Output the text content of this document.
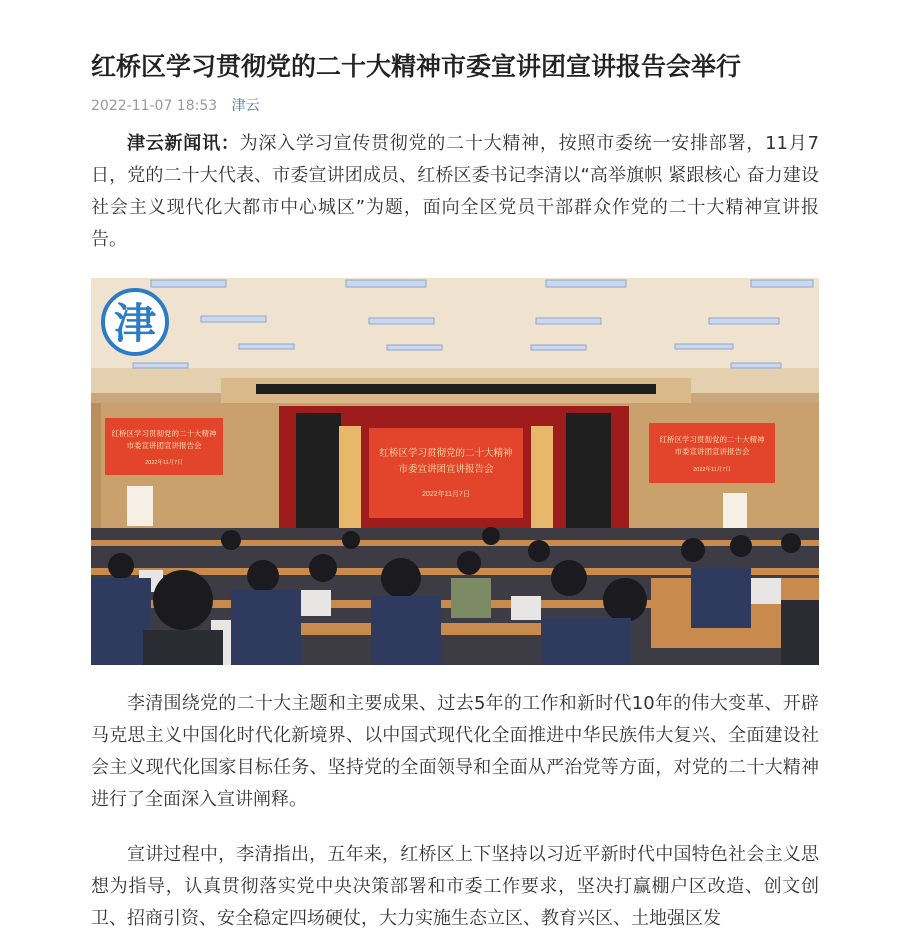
红桥区学习贯彻党的二十大精神市委宣讲团宣讲报告会举行
2022-11-07 18:53 津云

津云新闻讯：为深入学习宣传贯彻党的二十大精神，按照市委统一安排部署，11月7日，党的二十大代表、市委宣讲团成员、红桥区委书记李清以“高举旗帜 紧跟核心 奋力建设社会主义现代化大都市中心城区”为题，面向全区党员干部群众作党的二十大精神宣讲报告。

红桥区学习贯彻党的二十大精神
市委宣讲团宣讲报告会
2022年11月7日
红桥区学习贯彻党的二十大精神
市委宣讲团宣讲报告会
2022年11月7日
红桥区学习贯彻党的二十大精神
市委宣讲团宣讲报告会
2022年11月7日
津

李清围绕党的二十大主题和主要成果、过去5年的工作和新时代10年的伟大变革、开辟马克思主义中国化时代化新境界、以中国式现代化全面推进中华民族伟大复兴、全面建设社会主义现代化国家目标任务、坚持党的全面领导和全面从严治党等方面，对党的二十大精神进行了全面深入宣讲阐释。

宣讲过程中，李清指出，五年来，红桥区上下坚持以习近平新时代中国特色社会主义思想为指导，认真贯彻落实党中央决策部署和市委工作要求，坚决打赢棚户区改造、创文创卫、招商引资、安全稳定四场硬仗，大力实施生态立区、教育兴区、土地强区发
